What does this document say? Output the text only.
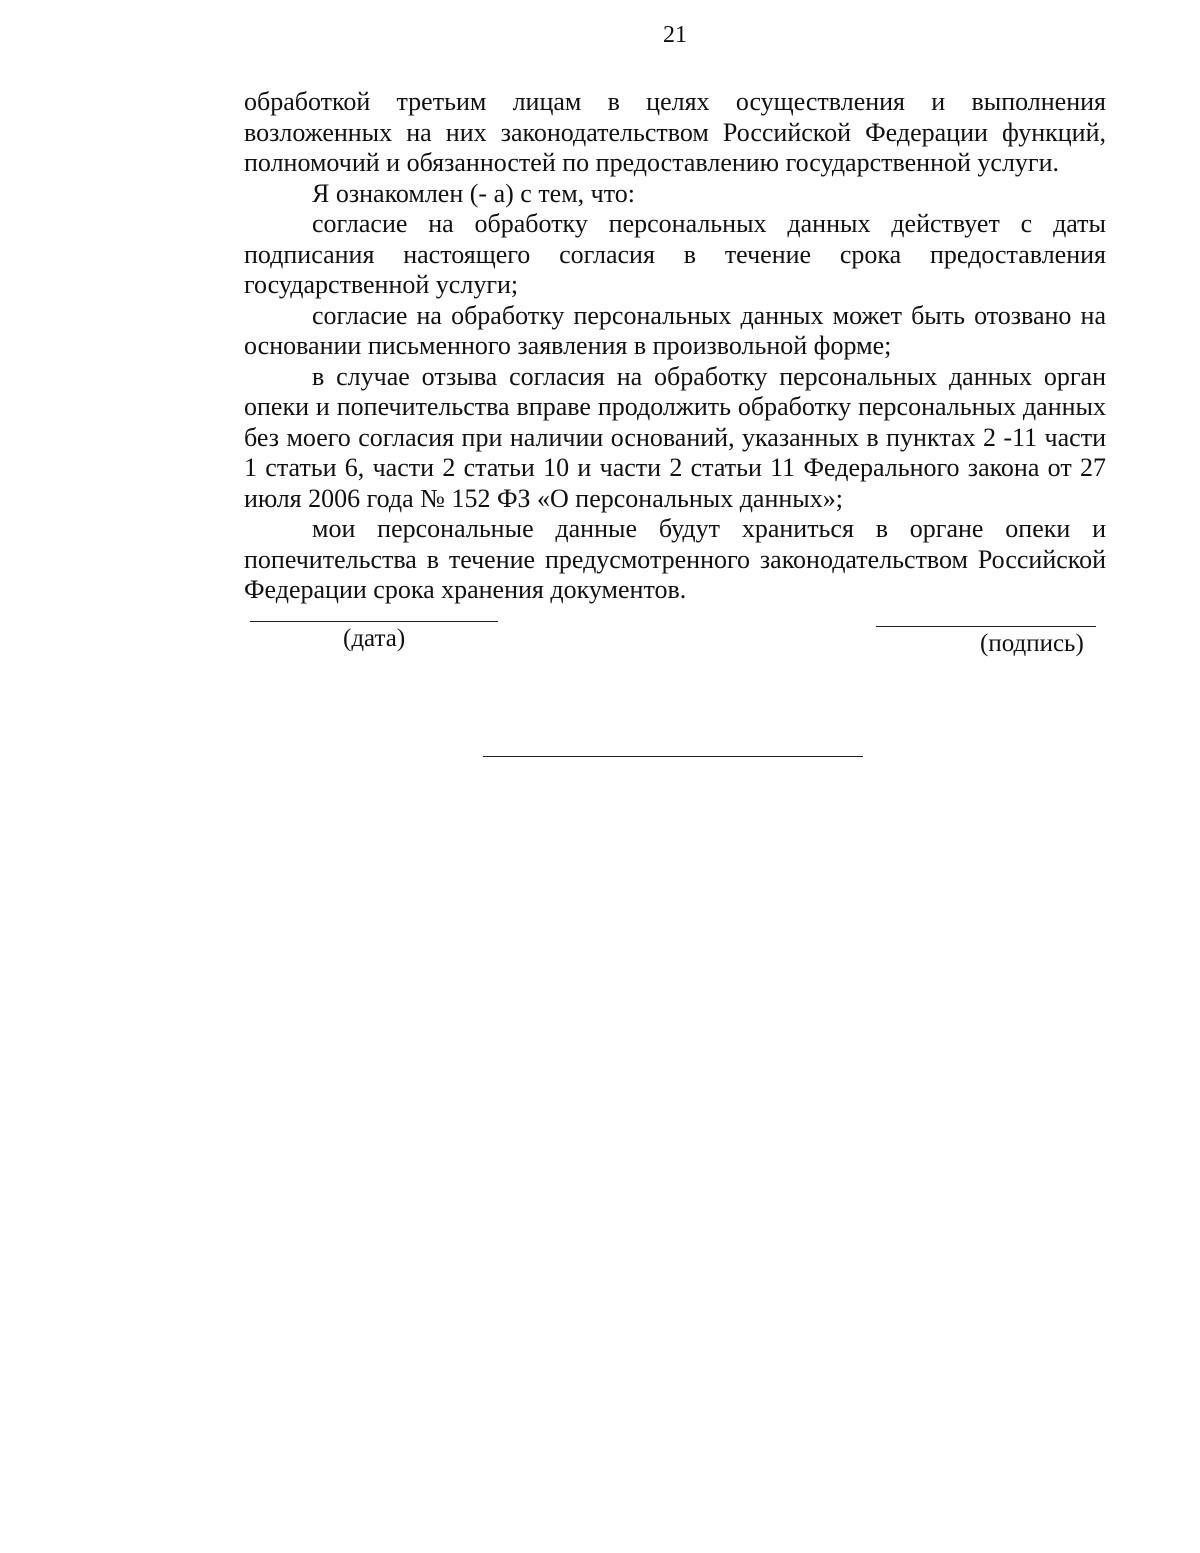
21

обработкой третьим лицам в целях осуществления и выполнения возложенных на них законодательством Российской Федерации функций, полномочий и обязанностей по предоставлению государственной услуги.

Я ознакомлен (- а) с тем, что:

согласие на обработку персональных данных действует с даты подписания настоящего согласия в течение срока предоставления государственной услуги;

согласие на обработку персональных данных может быть отозвано на основании письменного заявления в произвольной форме;

в случае отзыва согласия на обработку персональных данных орган опеки и попечительства вправе продолжить обработку персональных данных без моего согласия при наличии оснований, указанных в пунктах 2 -11 части 1 статьи 6, части 2 статьи 10 и части 2 статьи 11 Федерального закона от 27 июля 2006 года № 152 ФЗ «О персональных данных»;

мои персональные данные будут храниться в органе опеки и попечительства в течение предусмотренного законодательством Российской Федерации срока хранения документов.

(дата)	(подпись)
